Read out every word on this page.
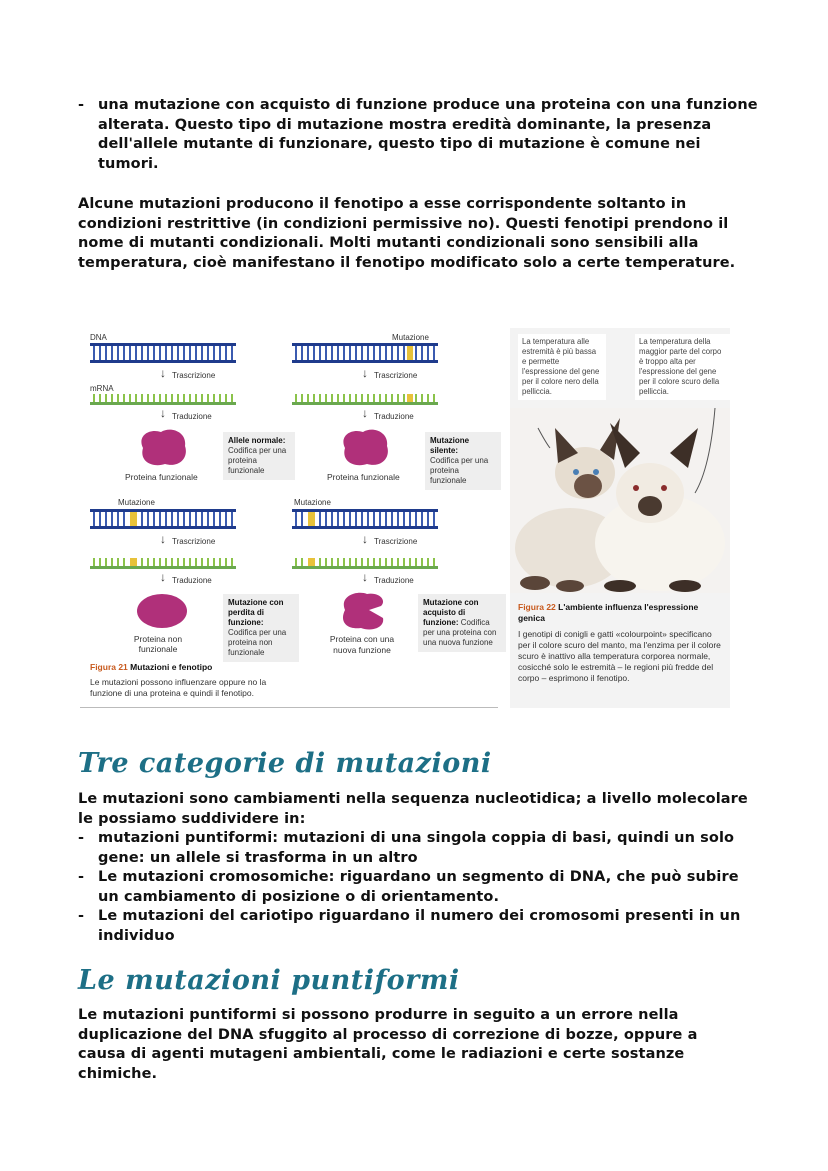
- una mutazione con acquisto di funzione produce una proteina con una funzione alterata. Questo tipo di mutazione mostra eredità dominante, la presenza dell'allele mutante di funzionare, questo tipo di mutazione è comune nei tumori.
Alcune mutazioni producono il fenotipo a esse corrispondente soltanto in condizioni restrittive (in condizioni permissive no). Questi fenotipi prendono il nome di mutanti condizionali. Molti mutanti condizionali sono sensibili alla temperatura, cioè manifestano il fenotipo modificato solo a certe temperature.
DNA
↓ Trascrizione
mRNA
↓ Traduzione
Proteina funzionale
Allele normale:
Codifica per una proteina funzionale
Mutazione
↓ Trascrizione
↓ Traduzione
Proteina funzionale
Mutazione silente:
Codifica per una proteina funzionale
Mutazione
↓ Trascrizione
↓ Traduzione
Proteina non funzionale
Mutazione con perdita di funzione: Codifica per una proteina non funzionale
Mutazione
↓ Trascrizione
↓ Traduzione
Proteina con una nuova funzione
Mutazione con acquisto di funzione: Codifica per una proteina con una nuova funzione
Figura 21 Mutazioni e fenotipo

Le mutazioni possono influenzare oppure no la funzione di una proteina e quindi il fenotipo.
La temperatura alle estremità è più bassa e permette l'espressione del gene per il colore nero della pelliccia.
La temperatura della maggior parte del corpo è troppo alta per l'espressione del gene per il colore scuro della pelliccia.
Figura 22 L'ambiente influenza l'espressione genica

I genotipi di conigli e gatti «colourpoint» specificano per il colore scuro del manto, ma l'enzima per il colore scuro è inattivo alla temperatura corporea normale, cosicché solo le estremità – le regioni più fredde del corpo – esprimono il fenotipo.
Tre categorie di mutazioni
Le mutazioni sono cambiamenti nella sequenza nucleotidica; a livello molecolare le possiamo suddividere in:
- mutazioni puntiformi: mutazioni di una singola coppia di basi, quindi un solo gene: un allele si trasforma in un altro
- Le mutazioni cromosomiche: riguardano un segmento di DNA, che può subire un cambiamento di posizione o di orientamento.
- Le mutazioni del cariotipo riguardano il numero dei cromosomi presenti in un individuo
Le mutazioni puntiformi
Le mutazioni puntiformi si possono produrre in seguito a un errore nella duplicazione del DNA sfuggito al processo di correzione di bozze, oppure a causa di agenti mutageni ambientali, come le radiazioni e certe sostanze chimiche.
